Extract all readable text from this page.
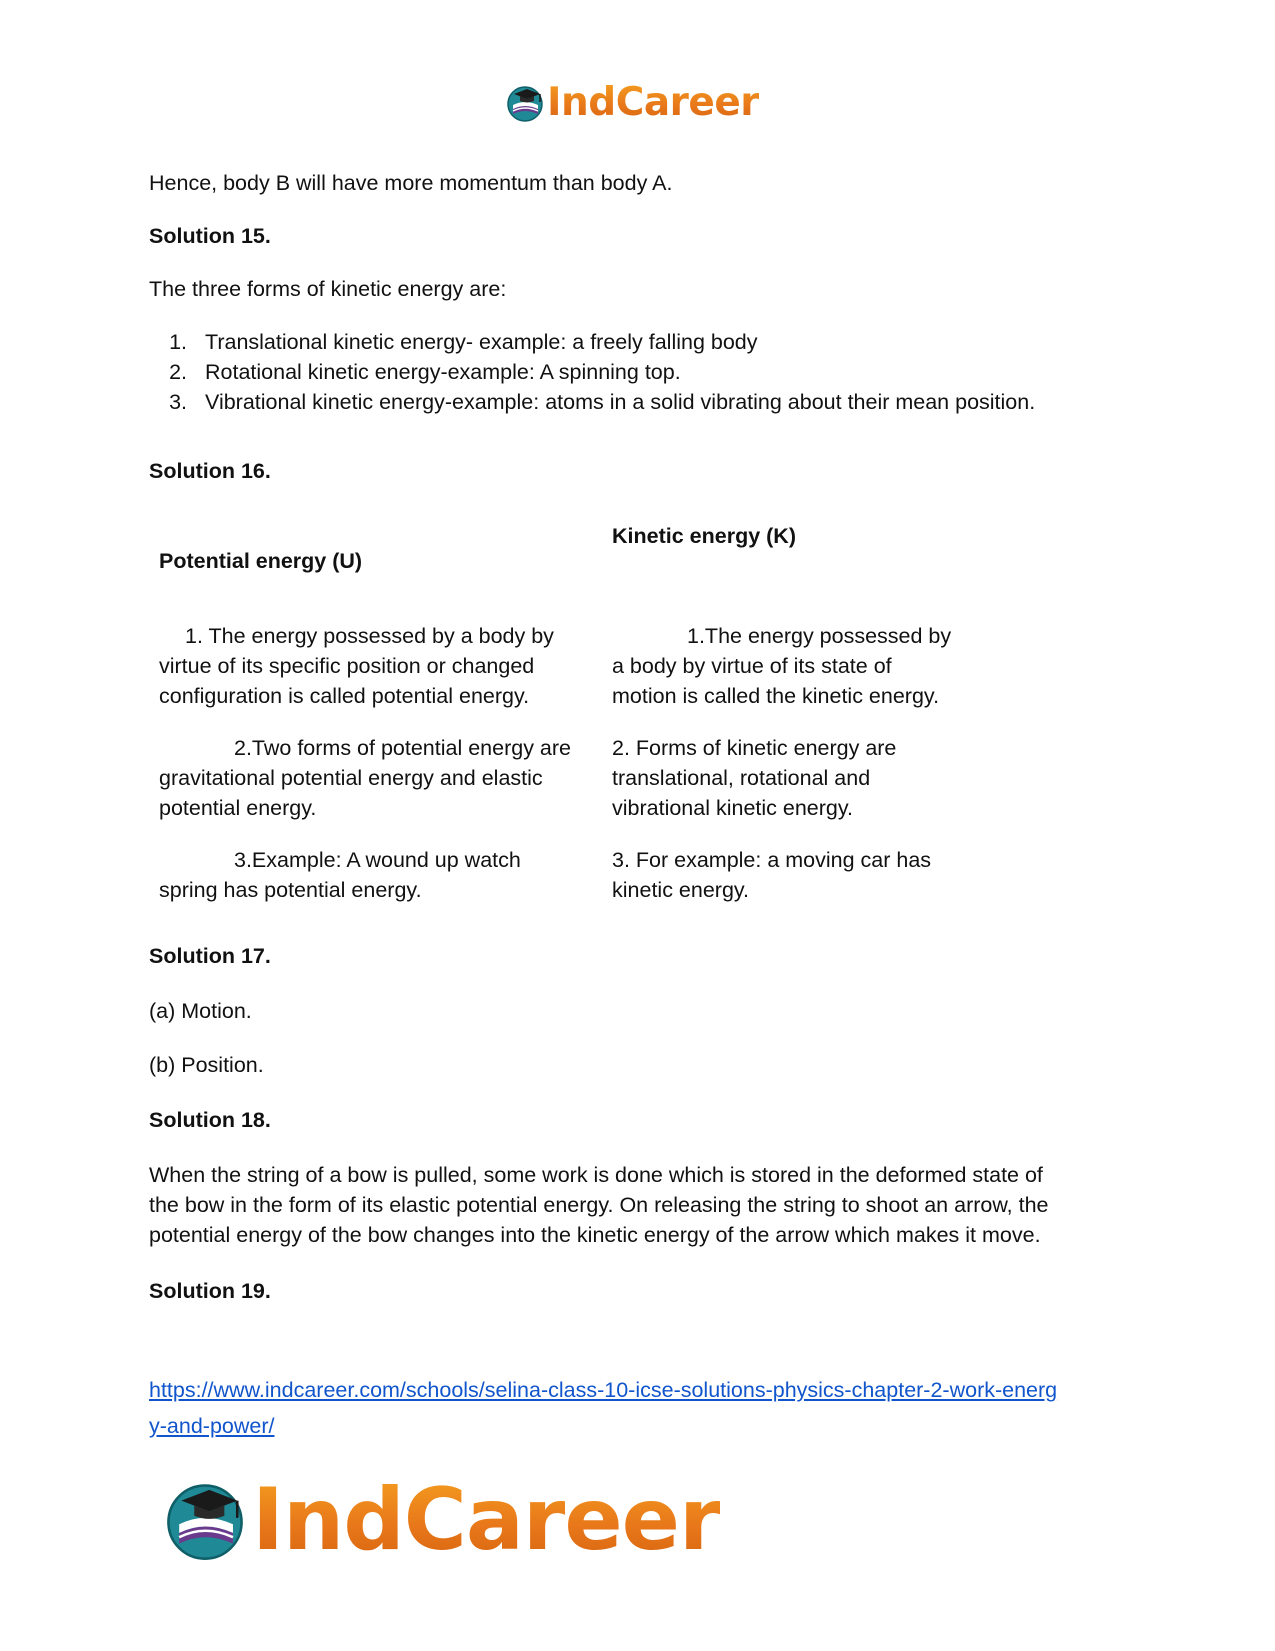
IndCareer
Hence, body B will have more momentum than body A.
Solution 15.
The three forms of kinetic energy are:
1. Translational kinetic energy- example: a freely falling body
2. Rotational kinetic energy-example: A spinning top.
3. Vibrational kinetic energy-example: atoms in a solid vibrating about their mean position.
Solution 16.
Potential energy (U)
Kinetic energy (K)
1. The energy possessed by a body by
virtue of its specific position or changed
configuration is called potential energy.
1.The energy possessed by
a body by virtue of its state of
motion is called the kinetic energy.
2.Two forms of potential energy are
gravitational potential energy and elastic
potential energy.
2. Forms of kinetic energy are
translational, rotational and
vibrational kinetic energy.
3.Example: A wound up watch
spring has potential energy.
3. For example: a moving car has
kinetic energy.
Solution 17.
(a) Motion.
(b) Position.
Solution 18.
When the string of a bow is pulled, some work is done which is stored in the deformed state of
the bow in the form of its elastic potential energy. On releasing the string to shoot an arrow, the
potential energy of the bow changes into the kinetic energy of the arrow which makes it move.
Solution 19.
https://www.indcareer.com/schools/selina-class-10-icse-solutions-physics-chapter-2-work-energ
y-and-power/
IndCareer
